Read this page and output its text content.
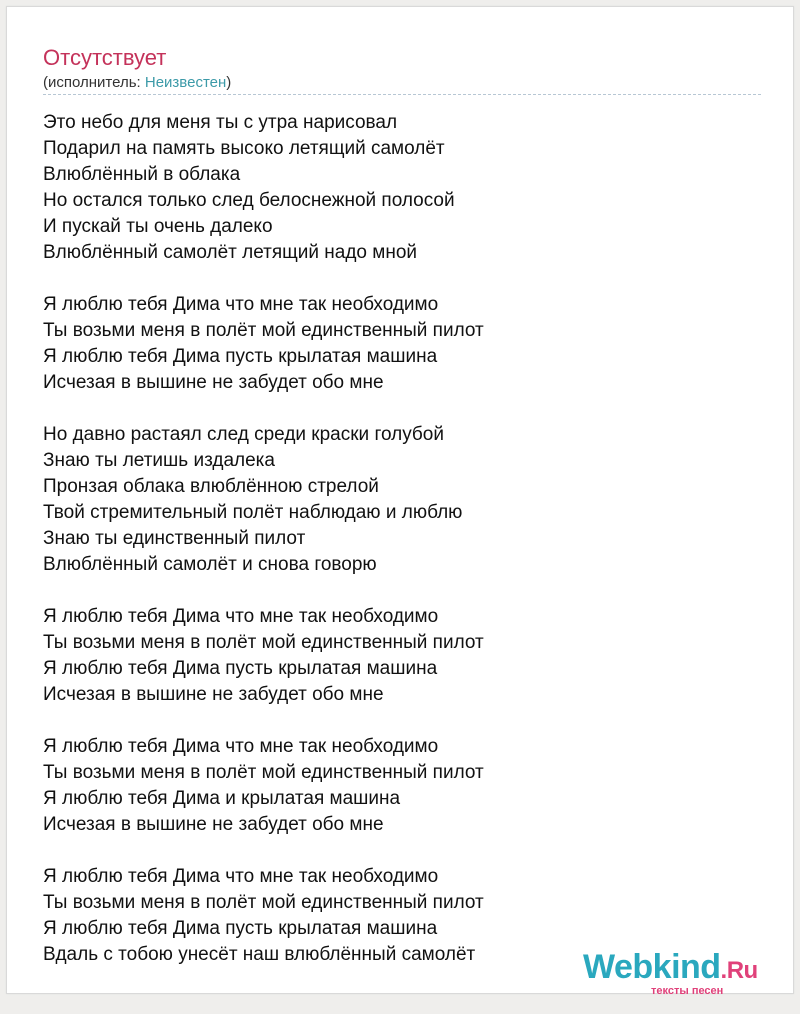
Отсутствует
(исполнитель: Неизвестен)
Это небо для меня ты с утра нарисовал
Подарил на память высоко летящий самолёт
Влюблённый в облака
Но остался только след белоснежной полосой
И пускай ты очень далеко
Влюблённый самолёт летящий надо мной
Я люблю тебя Дима что мне так необходимо
Ты возьми меня в полёт мой единственный пилот
Я люблю тебя Дима пусть крылатая машина
Исчезая в вышине не забудет обо мне
Но давно растаял след среди краски голубой
Знаю ты летишь издалека
Пронзая облака влюблённою стрелой
Твой стремительный полёт наблюдаю и люблю
Знаю ты единственный пилот
Влюблённый самолёт и снова говорю
Я люблю тебя Дима что мне так необходимо
Ты возьми меня в полёт мой единственный пилот
Я люблю тебя Дима пусть крылатая машина
Исчезая в вышине не забудет обо мне
Я люблю тебя Дима что мне так необходимо
Ты возьми меня в полёт мой единственный пилот
Я люблю тебя Дима и крылатая машина
Исчезая в вышине не забудет обо мне
Я люблю тебя Дима что мне так необходимо
Ты возьми меня в полёт мой единственный пилот
Я люблю тебя Дима пусть крылатая машина
Вдаль с тобою унесёт наш влюблённый самолёт	Webkind.Ru
тексты песен
